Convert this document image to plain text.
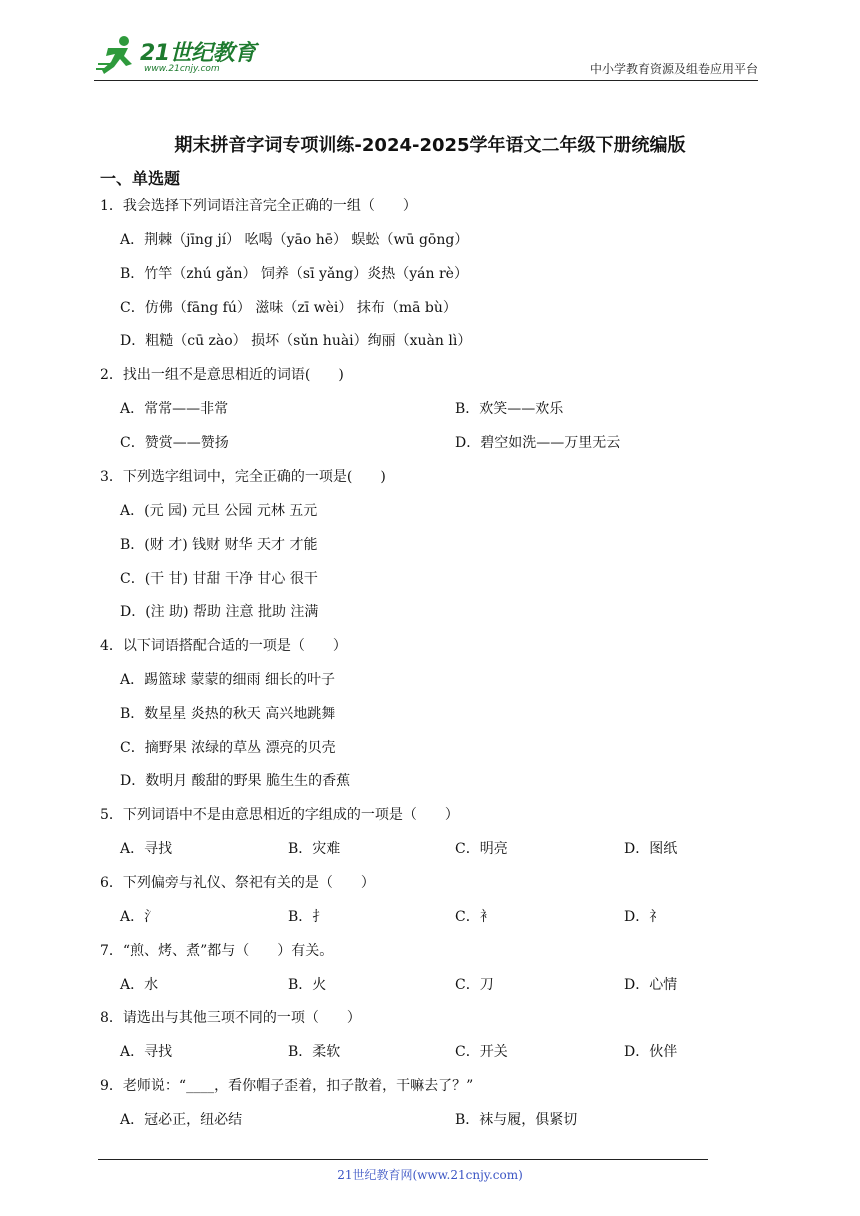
21世纪教育
www.21cnjy.com	中小学教育资源及组卷应用平台
期末拼音字词专项训练-2024-2025学年语文二年级下册统编版
一、单选题
1．我会选择下列词语注音完全正确的一组（　　）
A．荆棘（jīng jí） 吆喝（yāo hē） 蜈蚣（wū gōng）
B．竹竿（zhú gǎn） 饲养（sī yǎng）炎热（yán rè）
C．仿佛（fāng fú） 滋味（zī wèi） 抹布（mā bù）
D．粗糙（cū zào） 损坏（sǔn huài）绚丽（xuàn lì）
2．找出一组不是意思相近的词语(　　)
A．常常——非常	B．欢笑——欢乐
C．赞赏——赞扬	D．碧空如洗——万里无云
3．下列选字组词中，完全正确的一项是(　　)
A．(元 园) 元旦 公园 元林 五元
B．(财 才) 钱财 财华 天才 才能
C．(干 甘) 甘甜 干净 甘心 很干
D．(注 助) 帮助 注意 批助 注满
4．以下词语搭配合适的一项是（　　）
A．踢篮球 蒙蒙的细雨 细长的叶子
B．数星星 炎热的秋天 高兴地跳舞
C．摘野果 浓绿的草丛 漂亮的贝壳
D．数明月 酸甜的野果 脆生生的香蕉
5．下列词语中不是由意思相近的字组成的一项是（　　）
A．寻找	B．灾难	C．明亮	D．图纸
6．下列偏旁与礼仪、祭祀有关的是（　　）
A．氵	B．扌	C．衤	D．礻
7．“煎、烤、煮”都与（　　）有关。
A．水	B．火	C．刀	D．心情
8．请选出与其他三项不同的一项（　　）
A．寻找	B．柔软	C．开关	D．伙伴
9．老师说：“____，看你帽子歪着，扣子散着，干嘛去了？”
A．冠必正，纽必结	B．袜与履，俱紧切
21世纪教育网(www.21cnjy.com)
